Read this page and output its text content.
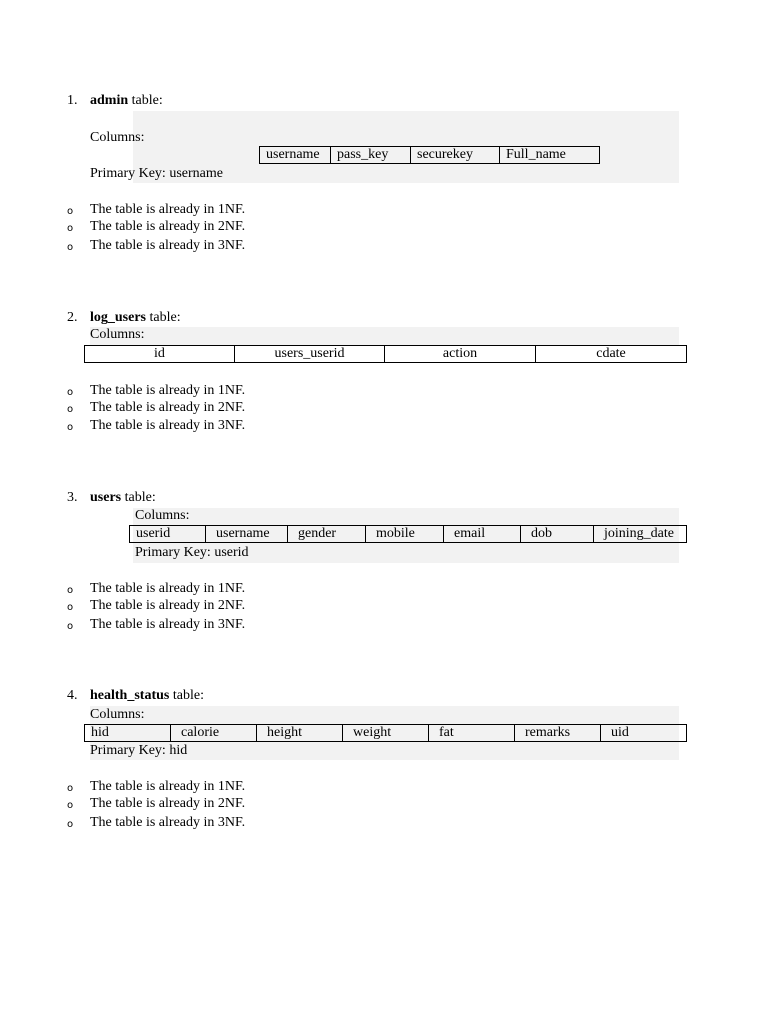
1. admin table:
Columns:
username	pass_key	securekey	Full_name
Primary Key: username
o The table is already in 1NF.
o The table is already in 2NF.
o The table is already in 3NF.
2. log_users table:
Columns:
id	users_userid	action	cdate
o The table is already in 1NF.
o The table is already in 2NF.
o The table is already in 3NF.
3. users table:
Columns:
userid	username	gender	mobile	email	dob	joining_date
Primary Key: userid
o The table is already in 1NF.
o The table is already in 2NF.
o The table is already in 3NF.
4. health_status table:
Columns:
hid	calorie	height	weight	fat	remarks	uid
Primary Key: hid
o The table is already in 1NF.
o The table is already in 2NF.
o The table is already in 3NF.
